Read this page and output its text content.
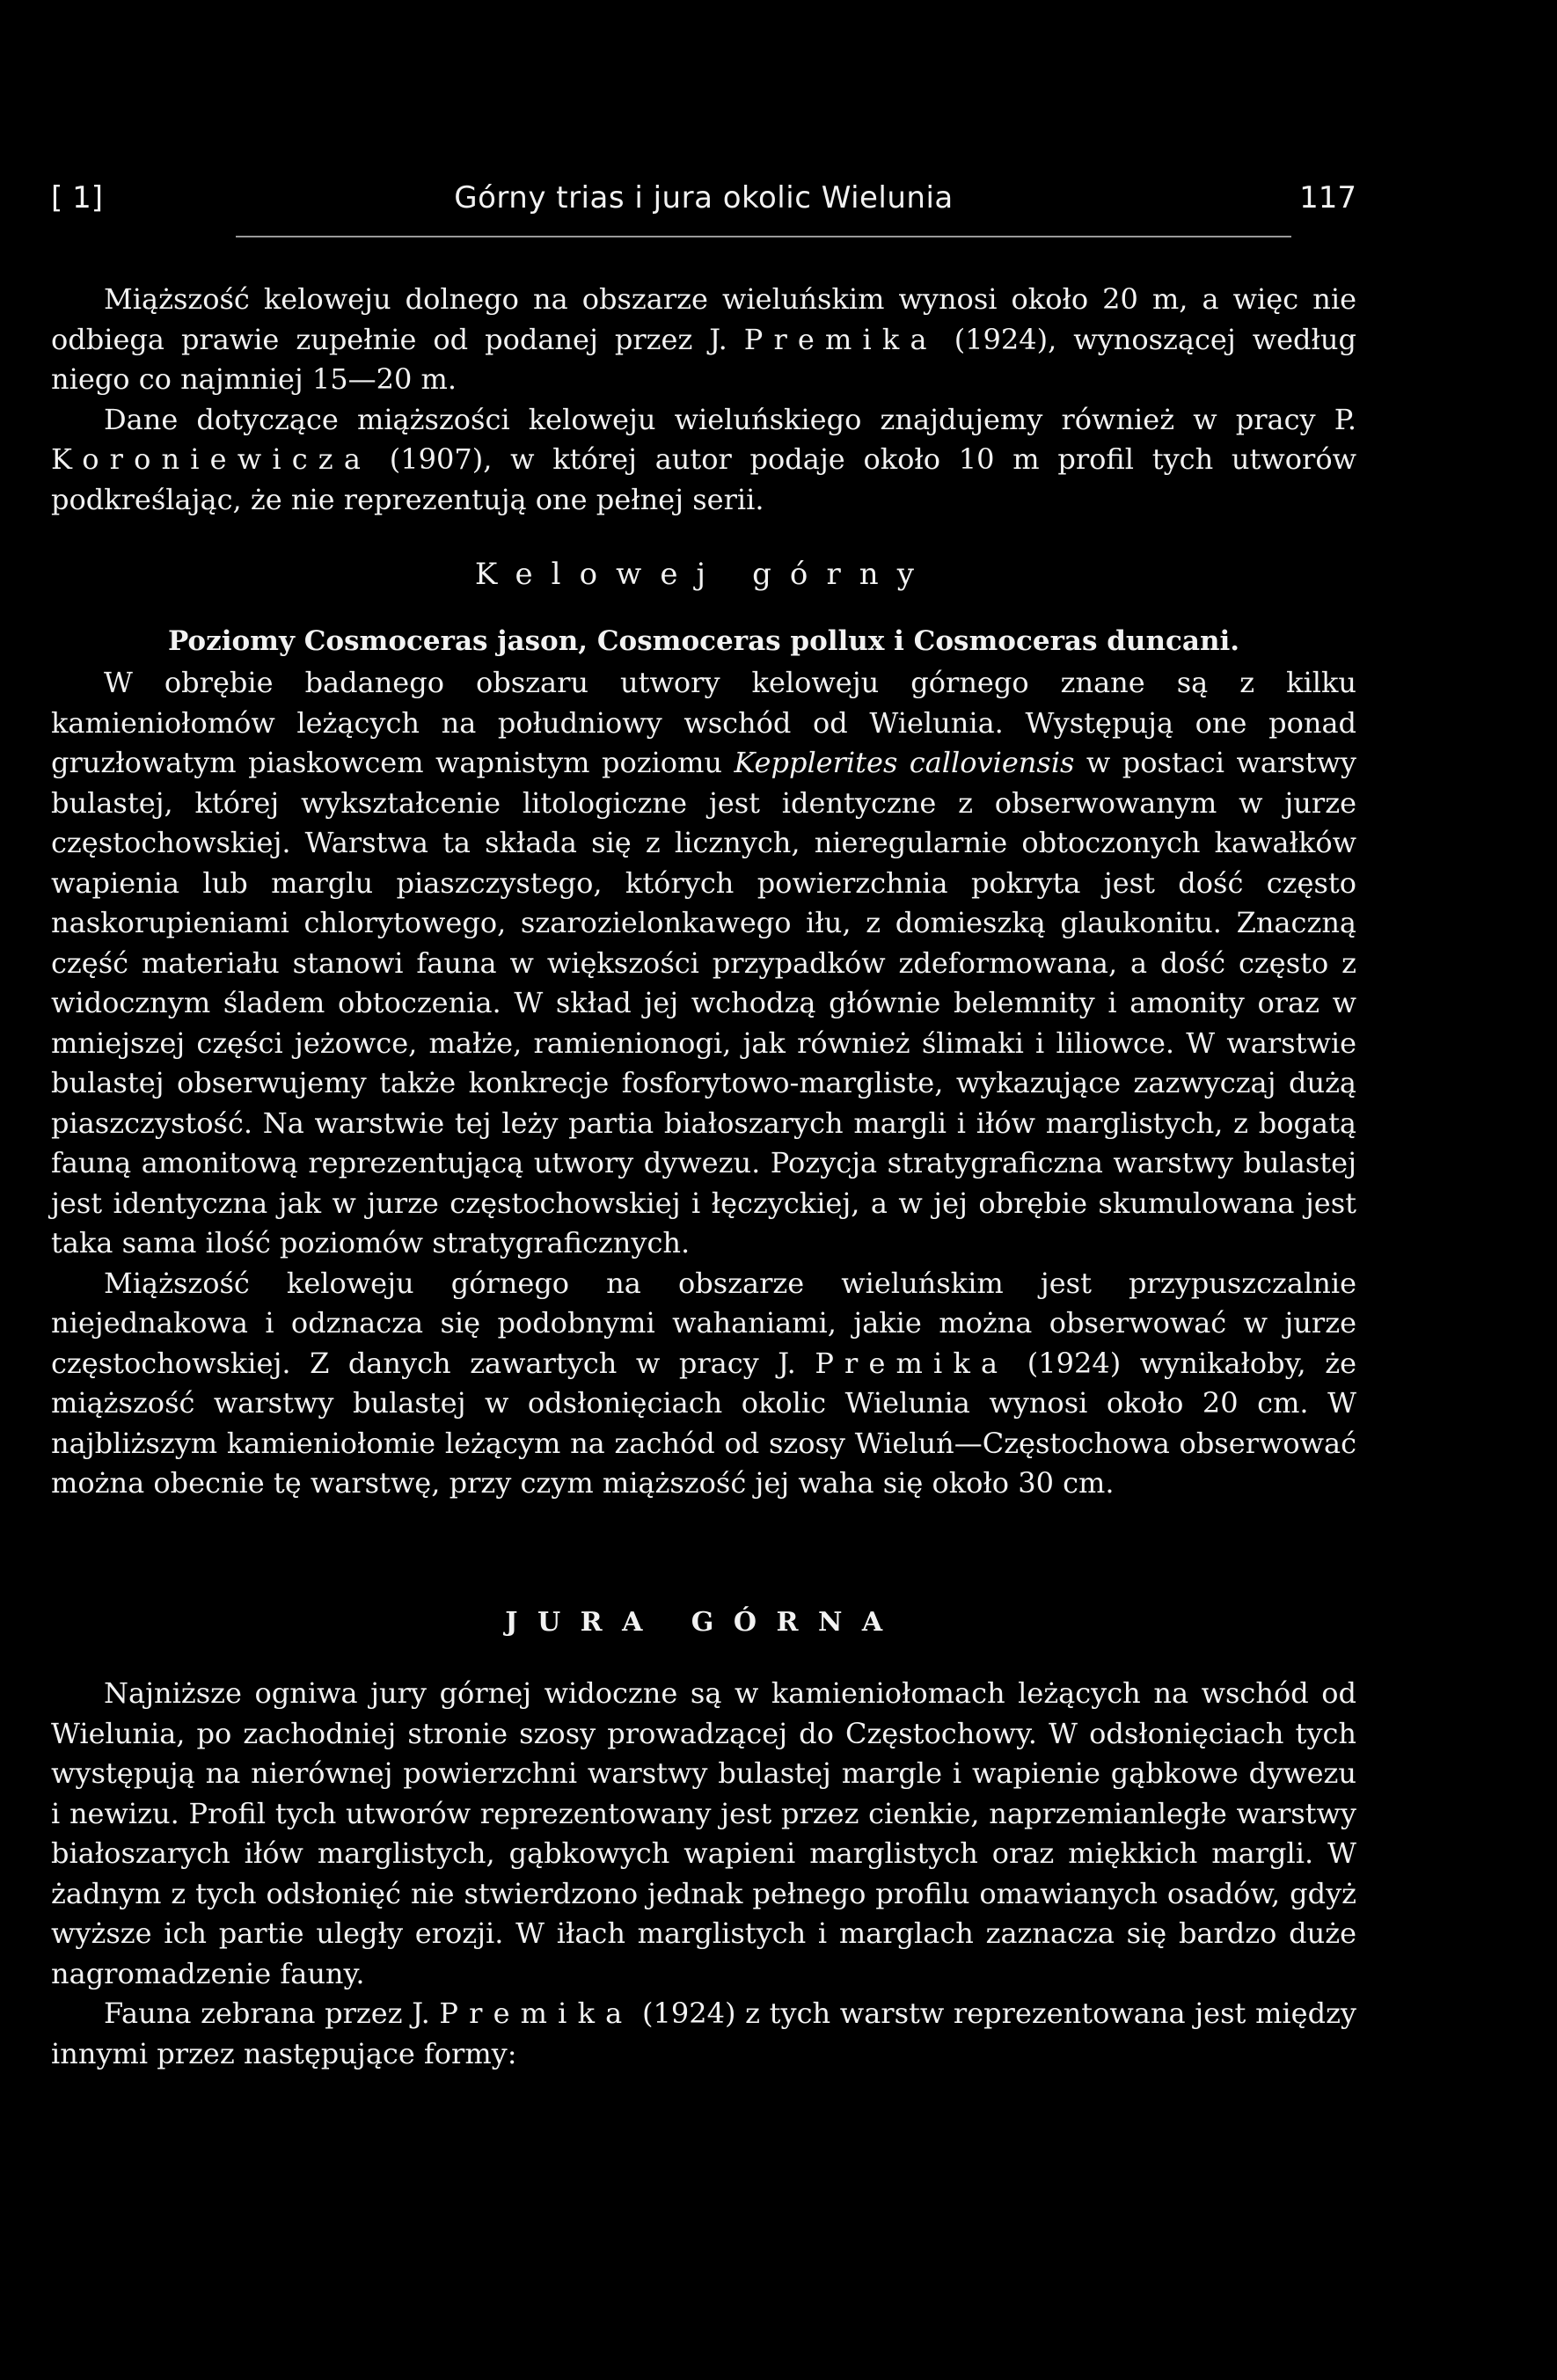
[ 1]	Górny trias i jura okolic Wielunia	117

Miąższość keloweju dolnego na obszarze wieluńskim wynosi około 20 m, a więc nie odbiega prawie zupełnie od podanej przez J. Premika (1924), wynoszącej według niego co najmniej 15—20 m.

Dane dotyczące miąższości keloweju wieluńskiego znajdujemy również w pracy P. Koroniewicza (1907), w której autor podaje około 10 m profil tych utworów podkreślając, że nie reprezentują one pełnej serii.

Kelowej górny

Poziomy Cosmoceras jason, Cosmoceras pollux i Cosmoceras duncani.

W obrębie badanego obszaru utwory keloweju górnego znane są z kilku kamieniołomów leżących na południowy wschód od Wielunia. Występują one ponad gruzłowatym piaskowcem wapnistym poziomu Kepplerites calloviensis w postaci warstwy bulastej, której wykształcenie litologiczne jest identyczne z obserwowanym w jurze częstochowskiej. Warstwa ta składa się z licznych, nieregularnie obtoczonych kawałków wapienia lub marglu piaszczystego, których powierzchnia pokryta jest dość często naskorupieniami chlorytowego, szarozielonkawego iłu, z domieszką glaukonitu. Znaczną część materiału stanowi fauna w większości przypadków zdeformowana, a dość często z widocznym śladem obtoczenia. W skład jej wchodzą głównie belemnity i amonity oraz w mniejszej części jeżowce, małże, ramienionogi, jak również ślimaki i liliowce. W warstwie bulastej obserwujemy także konkrecje fosforytowo-margliste, wykazujące zazwyczaj dużą piaszczystość. Na warstwie tej leży partia białoszarych margli i iłów marglistych, z bogatą fauną amonitową reprezentującą utwory dywezu. Pozycja stratygraficzna warstwy bulastej jest identyczna jak w jurze częstochowskiej i łęczyckiej, a w jej obrębie skumulowana jest taka sama ilość poziomów stratygraficznych.

Miąższość keloweju górnego na obszarze wieluńskim jest przypuszczalnie niejednakowa i odznacza się podobnymi wahaniami, jakie można obserwować w jurze częstochowskiej. Z danych zawartych w pracy J. Premika (1924) wynikałoby, że miąższość warstwy bulastej w odsłonięciach okolic Wielunia wynosi około 20 cm. W najbliższym kamieniołomie leżącym na zachód od szosy Wieluń—Częstochowa obserwować można obecnie tę warstwę, przy czym miąższość jej waha się około 30 cm.

JURA GÓRNA

Najniższe ogniwa jury górnej widoczne są w kamieniołomach leżących na wschód od Wielunia, po zachodniej stronie szosy prowadzącej do Częstochowy. W odsłonięciach tych występują na nierównej powierzchni warstwy bulastej margle i wapienie gąbkowe dywezu i newizu. Profil tych utworów reprezentowany jest przez cienkie, naprzemianległe warstwy białoszarych iłów marglistych, gąbkowych wapieni marglistych oraz miękkich margli. W żadnym z tych odsłonięć nie stwierdzono jednak pełnego profilu omawianych osadów, gdyż wyższe ich partie uległy erozji. W iłach marglistych i marglach zaznacza się bardzo duże nagromadzenie fauny.

Fauna zebrana przez J. Premika (1924) z tych warstw reprezentowana jest między innymi przez następujące formy:
